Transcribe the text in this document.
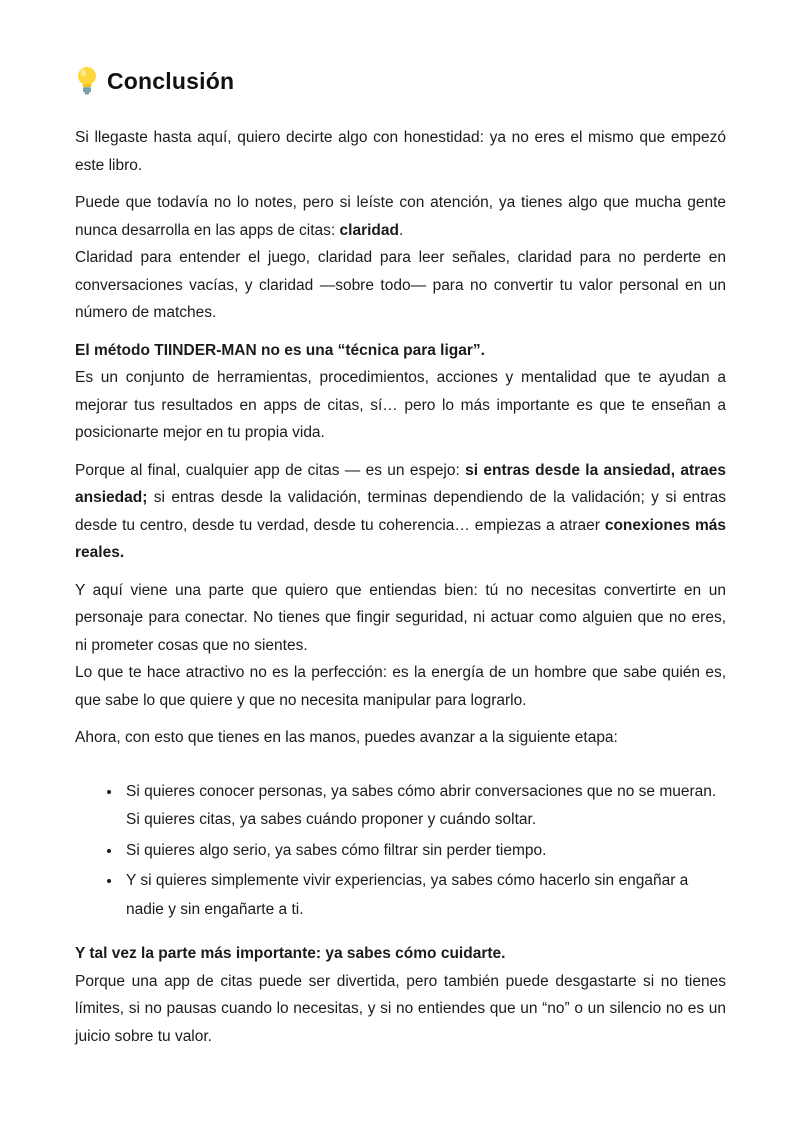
Conclusión

Si llegaste hasta aquí, quiero decirte algo con honestidad: ya no eres el mismo que empezó este libro.

Puede que todavía no lo notes, pero si leíste con atención, ya tienes algo que mucha gente nunca desarrolla en las apps de citas: claridad.
Claridad para entender el juego, claridad para leer señales, claridad para no perderte en conversaciones vacías, y claridad —sobre todo— para no convertir tu valor personal en un número de matches.

El método TIINDER-MAN no es una “técnica para ligar”.
Es un conjunto de herramientas, procedimientos, acciones y mentalidad que te ayudan a mejorar tus resultados en apps de citas, sí… pero lo más importante es que te enseñan a posicionarte mejor en tu propia vida.

Porque al final, cualquier app de citas — es un espejo: si entras desde la ansiedad, atraes ansiedad; si entras desde la validación, terminas dependiendo de la validación; y si entras desde tu centro, desde tu verdad, desde tu coherencia… empiezas a atraer conexiones más reales.

Y aquí viene una parte que quiero que entiendas bien: tú no necesitas convertirte en un personaje para conectar. No tienes que fingir seguridad, ni actuar como alguien que no eres, ni prometer cosas que no sientes.
Lo que te hace atractivo no es la perfección: es la energía de un hombre que sabe quién es, que sabe lo que quiere y que no necesita manipular para lograrlo.

Ahora, con esto que tienes en las manos, puedes avanzar a la siguiente etapa:

• Si quieres conocer personas, ya sabes cómo abrir conversaciones que no se mueran.
Si quieres citas, ya sabes cuándo proponer y cuándo soltar.
• Si quieres algo serio, ya sabes cómo filtrar sin perder tiempo.
• Y si quieres simplemente vivir experiencias, ya sabes cómo hacerlo sin engañar a nadie y sin engañarte a ti.

Y tal vez la parte más importante: ya sabes cómo cuidarte.
Porque una app de citas puede ser divertida, pero también puede desgastarte si no tienes límites, si no pausas cuando lo necesitas, y si no entiendes que un “no” o un silencio no es un juicio sobre tu valor.
